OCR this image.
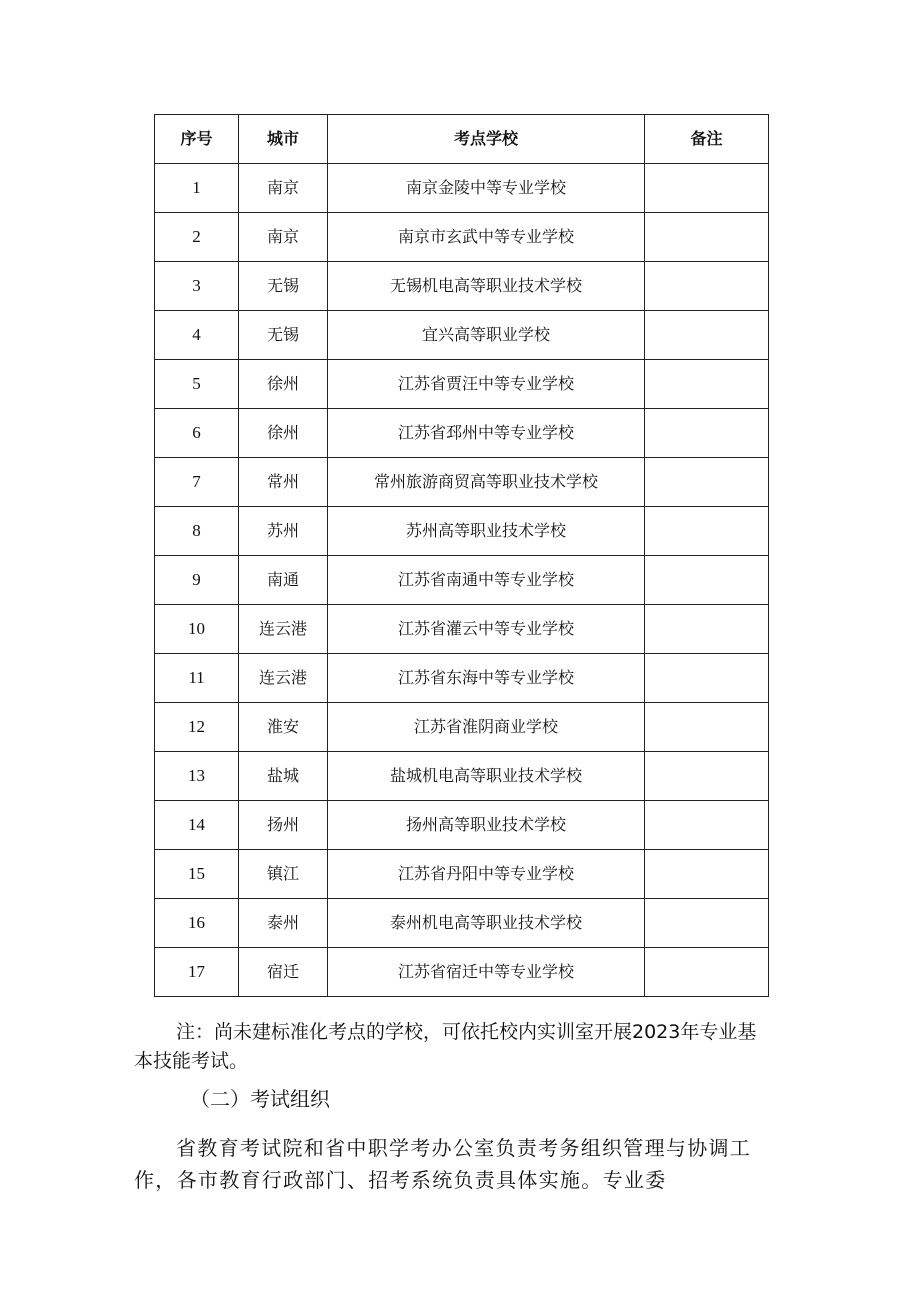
序号	城市	考点学校	备注
1	南京	南京金陵中等专业学校	
2	南京	南京市玄武中等专业学校	
3	无锡	无锡机电高等职业技术学校	
4	无锡	宜兴高等职业学校	
5	徐州	江苏省贾汪中等专业学校	
6	徐州	江苏省邳州中等专业学校	
7	常州	常州旅游商贸高等职业技术学校	
8	苏州	苏州高等职业技术学校	
9	南通	江苏省南通中等专业学校	
10	连云港	江苏省灌云中等专业学校	
11	连云港	江苏省东海中等专业学校	
12	淮安	江苏省淮阴商业学校	
13	盐城	盐城机电高等职业技术学校	
14	扬州	扬州高等职业技术学校	
15	镇江	江苏省丹阳中等专业学校	
16	泰州	泰州机电高等职业技术学校	
17	宿迁	江苏省宿迁中等专业学校	

注：尚未建标准化考点的学校，可依托校内实训室开展2023年专业基本技能考试。

（二）考试组织

省教育考试院和省中职学考办公室负责考务组织管理与协调工作，各市教育行政部门、招考系统负责具体实施。专业委
